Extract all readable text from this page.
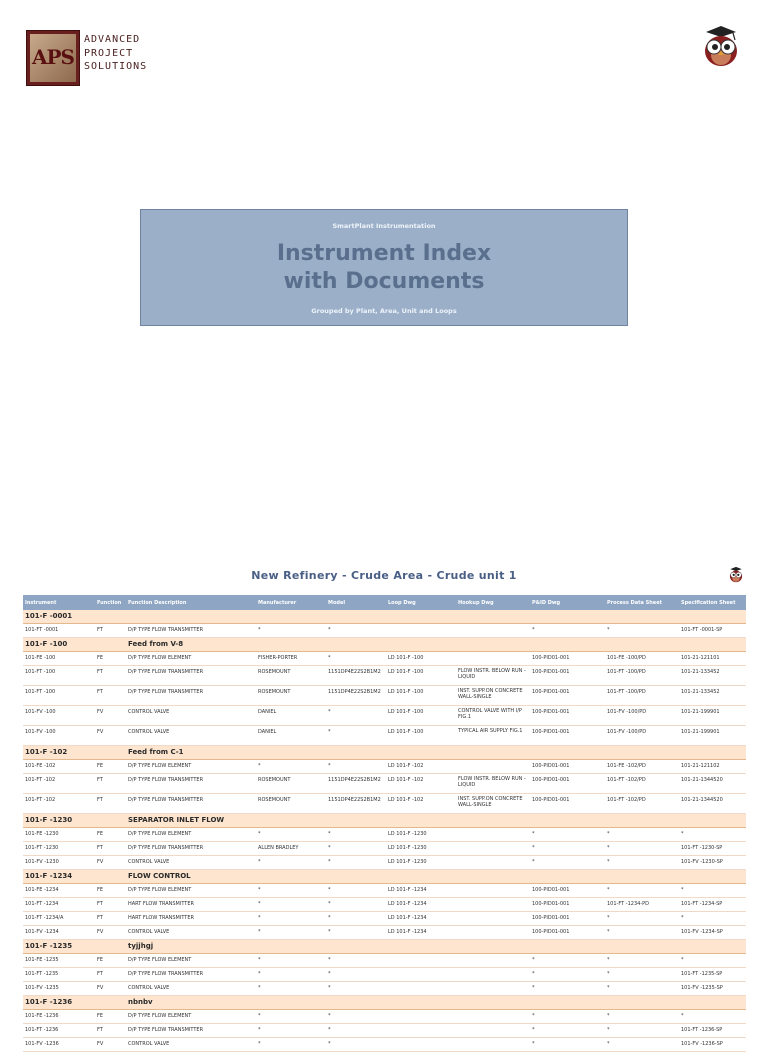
APS
ADVANCED
PROJECT
SOLUTIONS
SmartPlant Instrumentation
Instrument Index
with Documents
Grouped by Plant, Area, Unit and Loops
New Refinery - Crude Area - Crude unit 1
Instrument	Function	Function Description	Manufacturer	Model	Loop Dwg	Hookup Dwg	P&ID Dwg	Process Data Sheet	Specification Sheet
101-F -0001									
101-FT -0001	FT	D/P TYPE FLOW TRANSMITTER	*	*			*	*	101-FT -0001-SP
101-F -100		Feed from V-8							
101-FE -100	FE	D/P TYPE FLOW ELEMENT	FISHER-PORTER	*	LD 101-F -100		100-PID01-001	101-FE -100/PD	101-21-121101
101-FT -100	FT	D/P TYPE FLOW TRANSMITTER	ROSEMOUNT	1151DP4E22S2B1M2	LD 101-F -100	FLOW INSTR. BELOW RUN - LIQUID	100-PID01-001	101-FT -100/PD	101-21-133452
101-FT -100	FT	D/P TYPE FLOW TRANSMITTER	ROSEMOUNT	1151DP4E22S2B1M2	LD 101-F -100	INST. SUPP.ON CONCRETE WALL-SINGLE	100-PID01-001	101-FT -100/PD	101-21-133452
101-FV -100	FV	CONTROL VALVE	DANIEL	*	LD 101-F -100	CONTROL VALVE WITH I/P FIG.1	100-PID01-001	101-FV -100/PD	101-21-199901
101-FV -100	FV	CONTROL VALVE	DANIEL	*	LD 101-F -100	TYPICAL AIR SUPPLY FIG.1	100-PID01-001	101-FV -100/PD	101-21-199901
101-F -102		Feed from C-1							
101-FE -102	FE	D/P TYPE FLOW ELEMENT	*	*	LD 101-F -102		100-PID01-001	101-FE -102/PD	101-21-121102
101-FT -102	FT	D/P TYPE FLOW TRANSMITTER	ROSEMOUNT	1151DP4E22S2B1M2	LD 101-F -102	FLOW INSTR. BELOW RUN - LIQUID	100-PID01-001	101-FT -102/PD	101-21-1344520
101-FT -102	FT	D/P TYPE FLOW TRANSMITTER	ROSEMOUNT	1151DP4E22S2B1M2	LD 101-F -102	INST. SUPP.ON CONCRETE WALL-SINGLE	100-PID01-001	101-FT -102/PD	101-21-1344520
101-F -1230		SEPARATOR INLET FLOW							
101-FE -1230	FE	D/P TYPE FLOW ELEMENT	*	*	LD 101-F -1230		*	*	*
101-FT -1230	FT	D/P TYPE FLOW TRANSMITTER	ALLEN BRADLEY	*	LD 101-F -1230		*	*	101-FT -1230-SP
101-FV -1230	FV	CONTROL VALVE	*	*	LD 101-F -1230		*	*	101-FV -1230-SP
101-F -1234		FLOW CONTROL							
101-FE -1234	FE	D/P TYPE FLOW ELEMENT	*	*	LD 101-F -1234		100-PID01-001	*	*
101-FT -1234	FT	HART FLOW TRANSMITTER	*	*	LD 101-F -1234		100-PID01-001	101-FT -1234-PD	101-FT -1234-SP
101-FT -1234/A	FT	HART FLOW TRANSMITTER	*	*	LD 101-F -1234		100-PID01-001	*	*
101-FV -1234	FV	CONTROL VALVE	*	*	LD 101-F -1234		100-PID01-001	*	101-FV -1234-SP
101-F -1235		tyjjhgj							
101-FE -1235	FE	D/P TYPE FLOW ELEMENT	*	*			*	*	*
101-FT -1235	FT	D/P TYPE FLOW TRANSMITTER	*	*			*	*	101-FT -1235-SP
101-FV -1235	FV	CONTROL VALVE	*	*			*	*	101-FV -1235-SP
101-F -1236		nbnbv							
101-FE -1236	FE	D/P TYPE FLOW ELEMENT	*	*			*	*	*
101-FT -1236	FT	D/P TYPE FLOW TRANSMITTER	*	*			*	*	101-FT -1236-SP
101-FV -1236	FV	CONTROL VALVE	*	*			*	*	101-FV -1236-SP
